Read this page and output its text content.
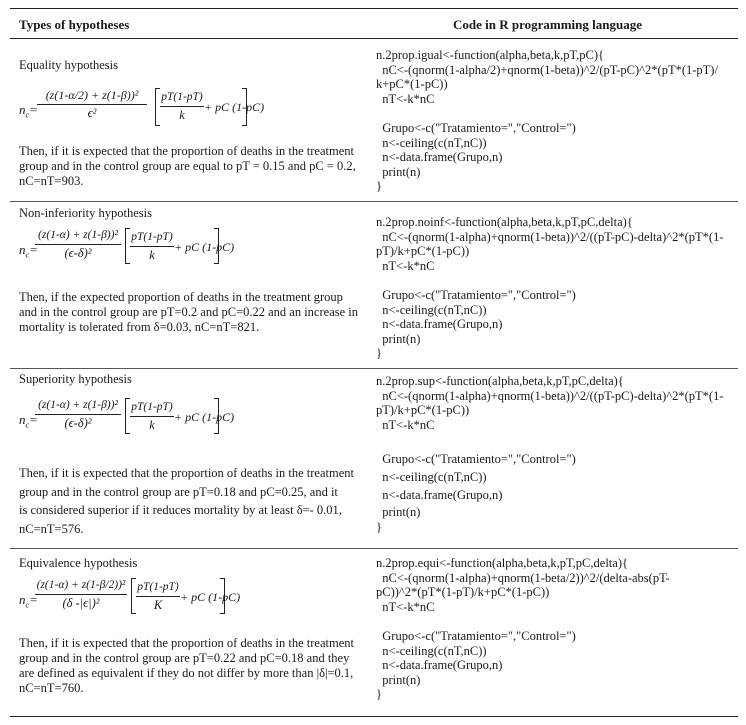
Types of hypotheses	Code in R programming language
Equality hypothesis
$n_c=$
(z(1-α/2) + z(1-β))²
ϵ²
pT(1-pT)
k
+ pC (1-pC)

Then, if it is expected that the proportion of deaths in the treatment

group and in the control group are equal to pT = 0.15 and pC = 0.2,

nC=nT=903.

n.2prop.igual<-function(alpha,beta,k,pT,pC){
nC<-(qnorm(1-alpha/2)+qnorm(1-beta))^2/(pT-pC)^2*(pT*(1-pT)/
k+pC*(1-pC))
nT<-k*nC

Grupo<-c("Tratamiento=","Control=")
n<-ceiling(c(nT,nC))
n<-data.frame(Grupo,n)
print(n)
}
Non-inferiority hypothesis
$n_c=$
(z(1-α) + z(1-β))²
(ϵ-δ)²
pT(1-pT)
k
+ pC (1-pC)

Then, if the expected proportion of deaths in the treatment group

and in the control group are pT=0.2 and pC=0.22 and an increase in

mortality is tolerated from δ=0.03, nC=nT=821.

n.2prop.noinf<-function(alpha,beta,k,pT,pC,delta){
nC<-(qnorm(1-alpha)+qnorm(1-beta))^2/((pT-pC)-delta)^2*(pT*(1-
pT)/k+pC*(1-pC))
nT<-k*nC

Grupo<-c("Tratamiento=","Control=")
n<-ceiling(c(nT,nC))
n<-data.frame(Grupo,n)
print(n)
}
Superiority hypothesis
$n_c=$
(z(1-α) + z(1-β))²
(ϵ-δ)²
pT(1-pT)
k
+ pC (1-pC)

Then, if it is expected that the proportion of deaths in the treatment

group and in the control group are pT=0.18 and pC=0.25, and it

is considered superior if it reduces mortality by at least δ=- 0.01,

nC=nT=576.

n.2prop.sup<-function(alpha,beta,k,pT,pC,delta){
nC<-(qnorm(1-alpha)+qnorm(1-beta))^2/((pT-pC)-delta)^2*(pT*(1-
pT)/k+pC*(1-pC))
nT<-k*nC

Grupo<-c("Tratamiento=","Control=")

n<-ceiling(c(nT,nC))

n<-data.frame(Grupo,n)

print(n)
}
Equivalence hypothesis
$n_c=$
(z(1-α) + z(1-β/2))²
(δ -|ϵ|)²
pT(1-pT)
K
+ pC (1-pC)

Then, if it is expected that the proportion of deaths in the treatment

group and in the control group are pT=0.22 and pC=0.18 and they

are defined as equivalent if they do not differ by more than |δ|=0.1,

nC=nT=760.

n.2prop.equi<-function(alpha,beta,k,pT,pC,delta){
nC<-(qnorm(1-alpha)+qnorm(1-beta/2))^2/(delta-abs(pT-
pC))^2*(pT*(1-pT)/k+pC*(1-pC))
nT<-k*nC

Grupo<-c("Tratamiento=","Control=")
n<-ceiling(c(nT,nC))
n<-data.frame(Grupo,n)
print(n)
}
